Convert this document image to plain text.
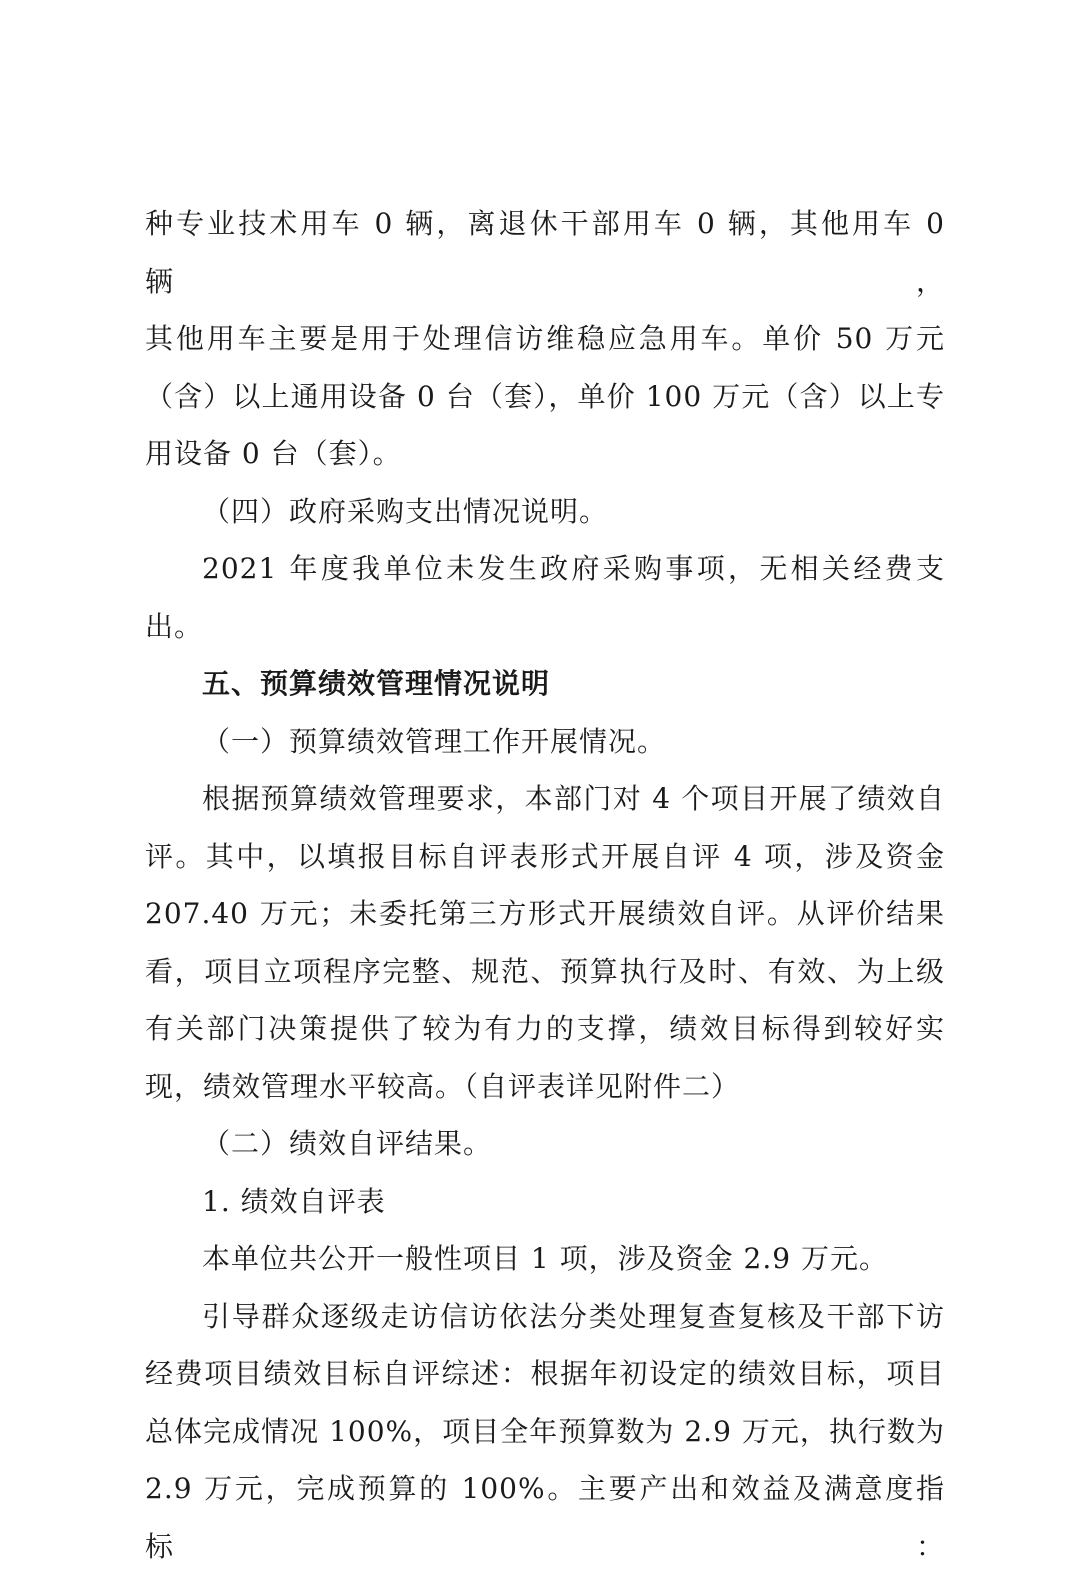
种专业技术用车 0 辆，离退休干部用车 0 辆，其他用车 0 辆，

其他用车主要是用于处理信访维稳应急用车。单价 50 万元

（含）以上通用设备 0 台（套），单价 100 万元（含）以上专

用设备 0 台（套）。

（四）政府采购支出情况说明。

2021 年度我单位未发生政府采购事项，无相关经费支出。

五、预算绩效管理情况说明

（一）预算绩效管理工作开展情况。

根据预算绩效管理要求，本部门对 4 个项目开展了绩效自

评。其中，以填报目标自评表形式开展自评 4 项，涉及资金

207.40 万元；未委托第三方形式开展绩效自评。从评价结果

看，项目立项程序完整、规范、预算执行及时、有效、为上级

有关部门决策提供了较为有力的支撑，绩效目标得到较好实

现，绩效管理水平较高。（自评表详见附件二）

（二）绩效自评结果。

1. 绩效自评表

本单位共公开一般性项目 1 项，涉及资金 2.9 万元。

引导群众逐级走访信访依法分类处理复查复核及干部下访

经费项目绩效目标自评综述：根据年初设定的绩效目标，项目

总体完成情况 100%，项目全年预算数为 2.9 万元，执行数为

2.9 万元，完成预算的 100%。主要产出和效益及满意度指标：
